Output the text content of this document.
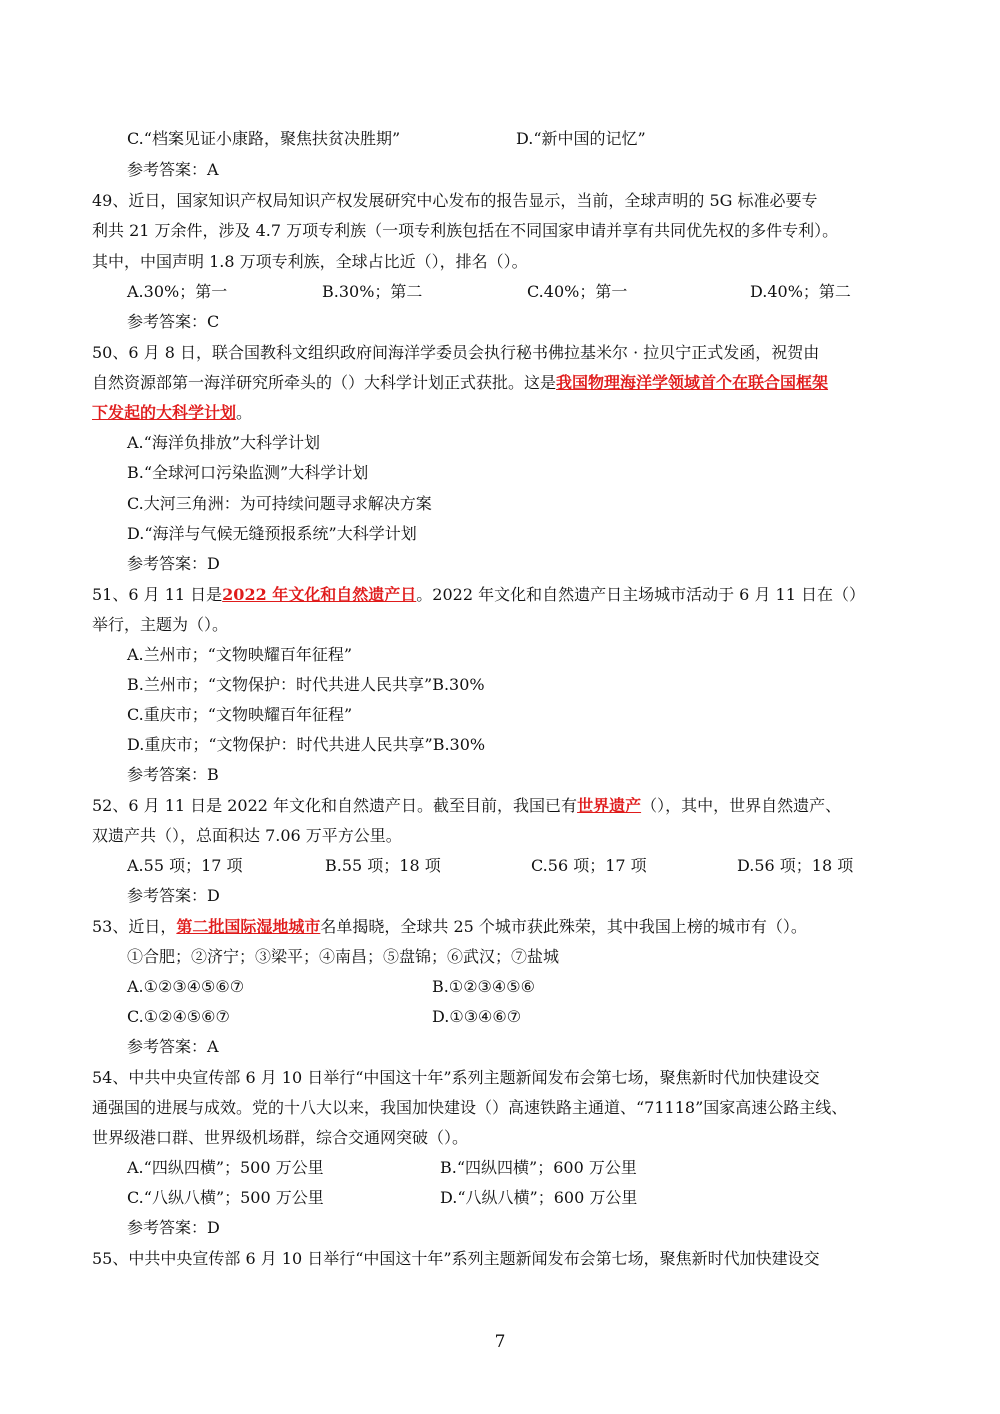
C.“档案见证小康路，聚焦扶贫决胜期”	D.“新中国的记忆”
参考答案：A
49、近日，国家知识产权局知识产权发展研究中心发布的报告显示，当前，全球声明的 5G 标准必要专
利共 21 万余件，涉及 4.7 万项专利族（一项专利族包括在不同国家申请并享有共同优先权的多件专利）。
其中，中国声明 1.8 万项专利族，全球占比近（），排名（）。
A.30%；第一	B.30%；第二	C.40%；第一	D.40%；第二
参考答案：C
50、6 月 8 日，联合国教科文组织政府间海洋学委员会执行秘书佛拉基米尔 · 拉贝宁正式发函，祝贺由
自然资源部第一海洋研究所牵头的（）大科学计划正式获批。这是我国物理海洋学领域首个在联合国框架
下发起的大科学计划。
A.“海洋负排放”大科学计划
B.“全球河口污染监测”大科学计划
C.大河三角洲：为可持续问题寻求解决方案
D.“海洋与气候无缝预报系统”大科学计划
参考答案：D
51、6 月 11 日是2022 年文化和自然遗产日。2022 年文化和自然遗产日主场城市活动于 6 月 11 日在（）
举行，主题为（）。
A.兰州市；“文物映耀百年征程”
B.兰州市；“文物保护：时代共进人民共享”B.30%
C.重庆市；“文物映耀百年征程”
D.重庆市；“文物保护：时代共进人民共享”B.30%
参考答案：B
52、6 月 11 日是 2022 年文化和自然遗产日。截至目前，我国已有世界遗产（），其中，世界自然遗产、
双遗产共（），总面积达 7.06 万平方公里。
A.55 项；17 项	B.55 项；18 项	C.56 项；17 项	D.56 项；18 项
参考答案：D
53、近日，第二批国际湿地城市名单揭晓，全球共 25 个城市获此殊荣，其中我国上榜的城市有（）。
①合肥；②济宁；③梁平；④南昌；⑤盘锦；⑥武汉；⑦盐城
A.①②③④⑤⑥⑦	B.①②③④⑤⑥
C.①②④⑤⑥⑦	D.①③④⑥⑦
参考答案：A
54、中共中央宣传部 6 月 10 日举行“中国这十年”系列主题新闻发布会第七场，聚焦新时代加快建设交
通强国的进展与成效。党的十八大以来，我国加快建设（）高速铁路主通道、“71118”国家高速公路主线、
世界级港口群、世界级机场群，综合交通网突破（）。
A.“四纵四横”；500 万公里	B.“四纵四横”；600 万公里
C.“八纵八横”；500 万公里	D.“八纵八横”；600 万公里
参考答案：D
55、中共中央宣传部 6 月 10 日举行“中国这十年”系列主题新闻发布会第七场，聚焦新时代加快建设交
7
